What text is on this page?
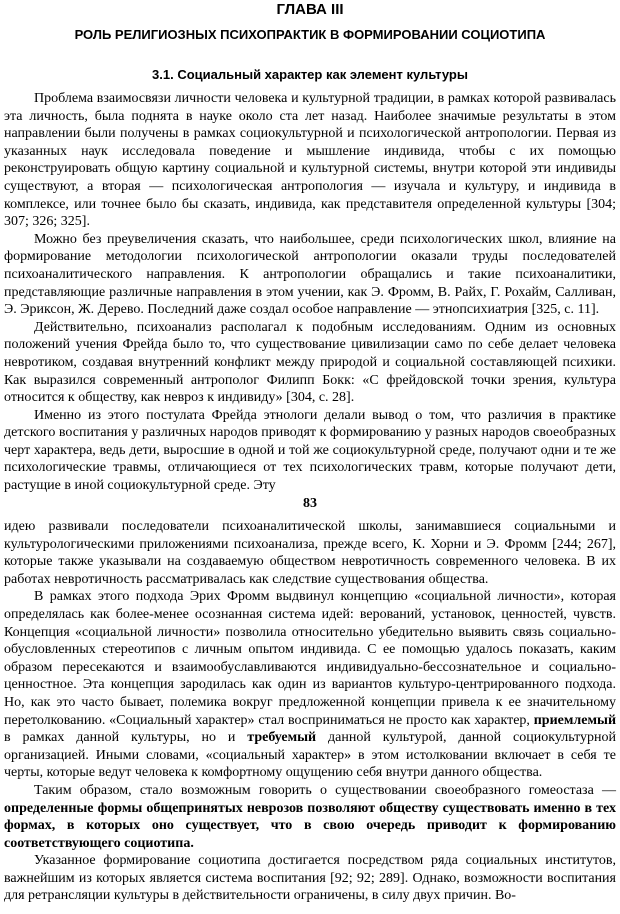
ГЛАВА III
РОЛЬ РЕЛИГИОЗНЫХ ПСИХОПРАКТИК В ФОРМИРОВАНИИ СОЦИОТИПА
3.1. Социальный характер как элемент культуры

Проблема взаимосвязи личности человека и культурной традиции, в рамках которой развивалась эта личность, была поднята в науке около ста лет назад. Наиболее значимые результаты в этом направлении были получены в рамках социокультурной и психологической антропологии. Первая из указанных наук исследовала поведение и мышление индивида, чтобы с их помощью реконструировать общую картину социальной и культурной системы, внутри которой эти индивиды существуют, а вторая — психологическая антропология — изучала и культуру, и индивида в комплексе, или точнее было бы сказать, индивида, как представителя определенной культуры [304; 307; 326; 325].

Можно без преувеличения сказать, что наибольшее, среди психологических школ, влияние на формирование методологии психологической антропологии оказали труды последователей психоаналитического направления. К антропологии обращались и такие психоаналитики, представляющие различные направления в этом учении, как Э. Фромм, В. Райх, Г. Рохайм, Салливан, Э. Эриксон, Ж. Дерево. Последний даже создал особое направление — этнопсихиатрия [325, с. 11].

Действительно, психоанализ располагал к подобным исследованиям. Одним из основных положений учения Фрейда было то, что существование цивилизации само по себе делает человека невротиком, создавая внутренний конфликт между природой и социальной составляющей психики. Как выразился современный антрополог Филипп Бокк: «С фрейдовской точки зрения, культура относится к обществу, как невроз к индивиду» [304, с. 28].

Именно из этого постулата Фрейда этнологи делали вывод о том, что различия в практике детского воспитания у различных народов приводят к формированию у разных народов своеобразных черт характера, ведь дети, выросшие в одной и той же социокультурной среде, получают одни и те же психологические травмы, отличающиеся от тех психологических травм, которые получают дети, растущие в иной социокультурной среде. Эту

83

идею развивали последователи психоаналитической школы, занимавшиеся социальными и культурологическими приложениями психоанализа, прежде всего, К. Хорни и Э. Фромм [244; 267], которые также указывали на создаваемую обществом невротичность современного человека. В их работах невротичность рассматривалась как следствие существования общества.

В рамках этого подхода Эрих Фромм выдвинул концепцию «социальной личности», которая определялась как более-менее осознанная система идей: верований, установок, ценностей, чувств. Концепция «социальной личности» позволила относительно убедительно выявить связь социально-обусловленных стереотипов с личным опытом индивида. С ее помощью удалось показать, каким образом пересекаются и взаимообуславливаются индивидуально-бессознательное и социально-ценностное. Эта концепция зародилась как один из вариантов культуро-центрированного подхода. Но, как это часто бывает, полемика вокруг предложенной концепции привела к ее значительному перетолкованию. «Социальный характер» стал восприниматься не просто как характер, приемлемый в рамках данной культуры, но и требуемый данной культурой, данной социокультурной организацией. Иными словами, «социальный характер» в этом истолковании включает в себя те черты, которые ведут человека к комфортному ощущению себя внутри данного общества.

Таким образом, стало возможным говорить о существовании своеобразного гомеостаза — определенные формы общепринятых неврозов позволяют обществу существовать именно в тех формах, в которых оно существует, что в свою очередь приводит к формированию соответствующего социотипа.

Указанное формирование социотипа достигается посредством ряда социальных институтов, важнейшим из которых является система воспитания [92; 92; 289]. Однако, возможности воспитания для ретрансляции культуры в действительности ограничены, в силу двух причин. Во-
